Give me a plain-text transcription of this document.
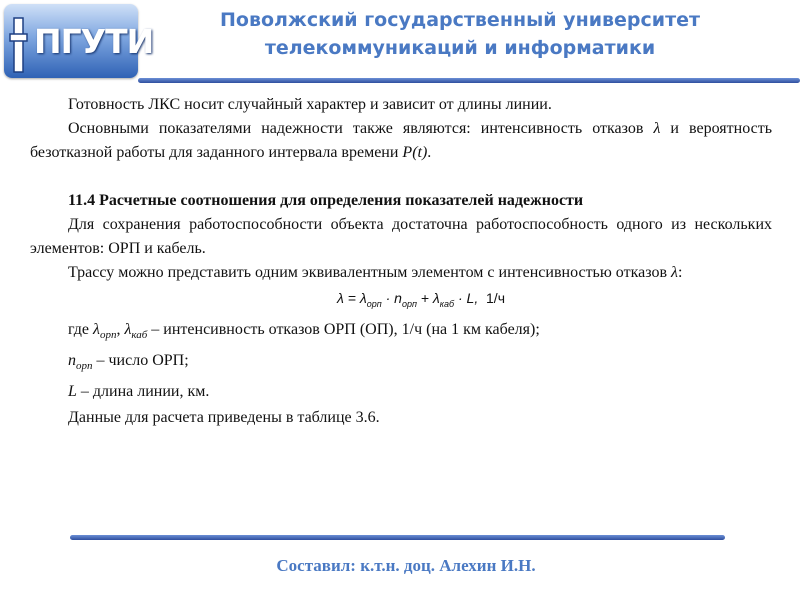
ПГУТИ
Поволжский государственный университет
телекоммуникаций и информатики

Готовность ЛКС носит случайный характер и зависит от длины линии.

Основными показателями надежности также являются: интенсивность отказов λ и вероятность безотказной работы для заданного интервала времени P(t).

11.4 Расчетные соотношения для определения показателей надежности

Для сохранения работоспособности объекта достаточна работоспособность одного из нескольких элементов: ОРП и кабель.

Трассу можно представить одним эквивалентным элементом с интенсивностью отказов λ:

$\lambda = \lambda_{орп} \cdot n_{орп} + \lambda_{каб} \cdot L$, 1/ч

где $\lambda_{орп}$, $\lambda_{каб}$ – интенсивность отказов ОРП (ОП), 1/ч (на 1 км кабеля);

$n_{орп}$ – число ОРП;

L – длина линии, км.

Данные для расчета приведены в таблице 3.6.

Составил: к.т.н. доц. Алехин И.Н.
